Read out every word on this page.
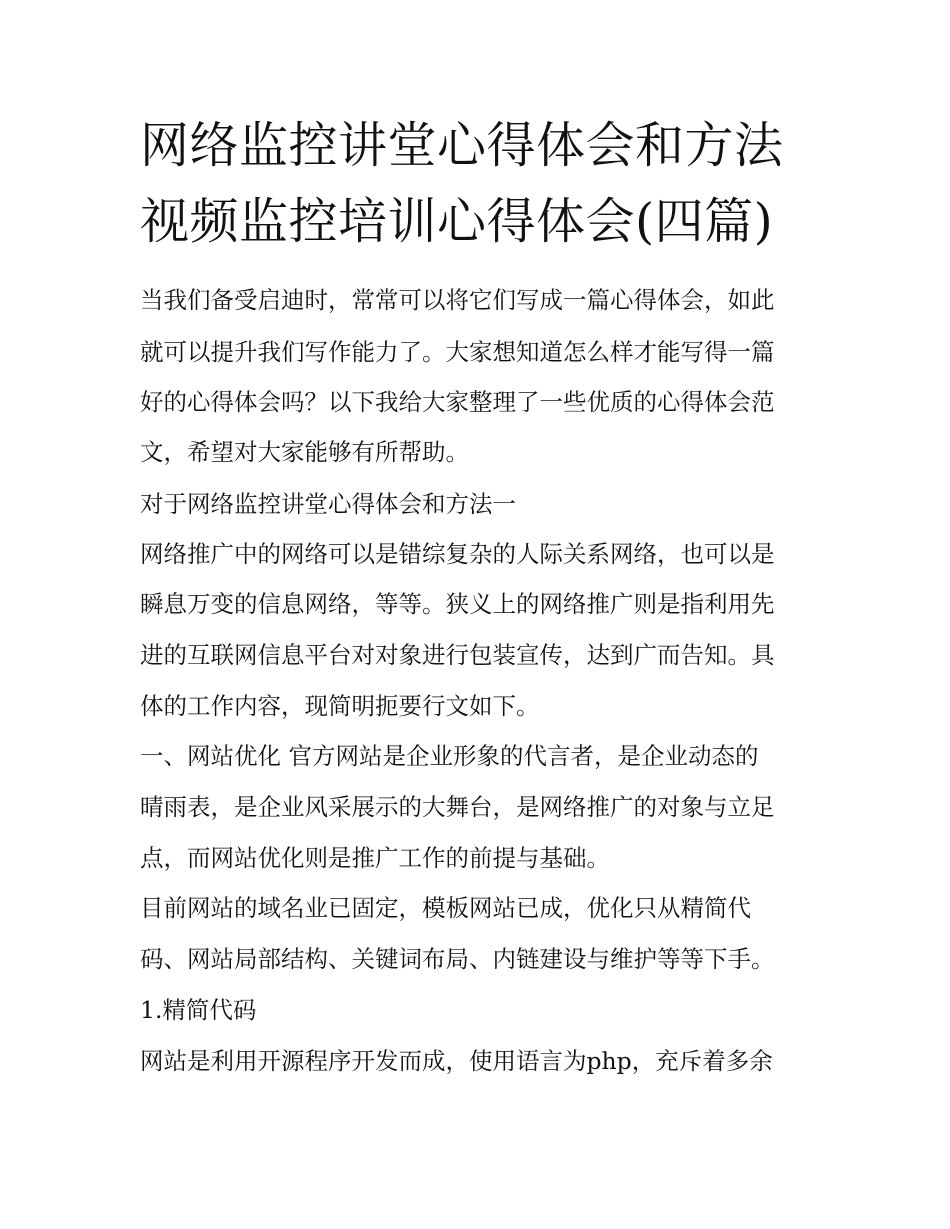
网络监控讲堂心得体会和方法
视频监控培训心得体会(四篇)
当我们备受启迪时，常常可以将它们写成一篇心得体会，如此
就可以提升我们写作能力了。大家想知道怎么样才能写得一篇
好的心得体会吗？以下我给大家整理了一些优质的心得体会范
文，希望对大家能够有所帮助。
对于网络监控讲堂心得体会和方法一
网络推广中的网络可以是错综复杂的人际关系网络，也可以是
瞬息万变的信息网络，等等。狭义上的网络推广则是指利用先
进的互联网信息平台对对象进行包装宣传，达到广而告知。具
体的工作内容，现简明扼要行文如下。
一、网站优化 官方网站是企业形象的代言者，是企业动态的
晴雨表，是企业风采展示的大舞台，是网络推广的对象与立足
点，而网站优化则是推广工作的前提与基础。
目前网站的域名业已固定，模板网站已成，优化只从精简代
码、网站局部结构、关键词布局、内链建设与维护等等下手。
1.精简代码
网站是利用开源程序开发而成，使用语言为php，充斥着多余
